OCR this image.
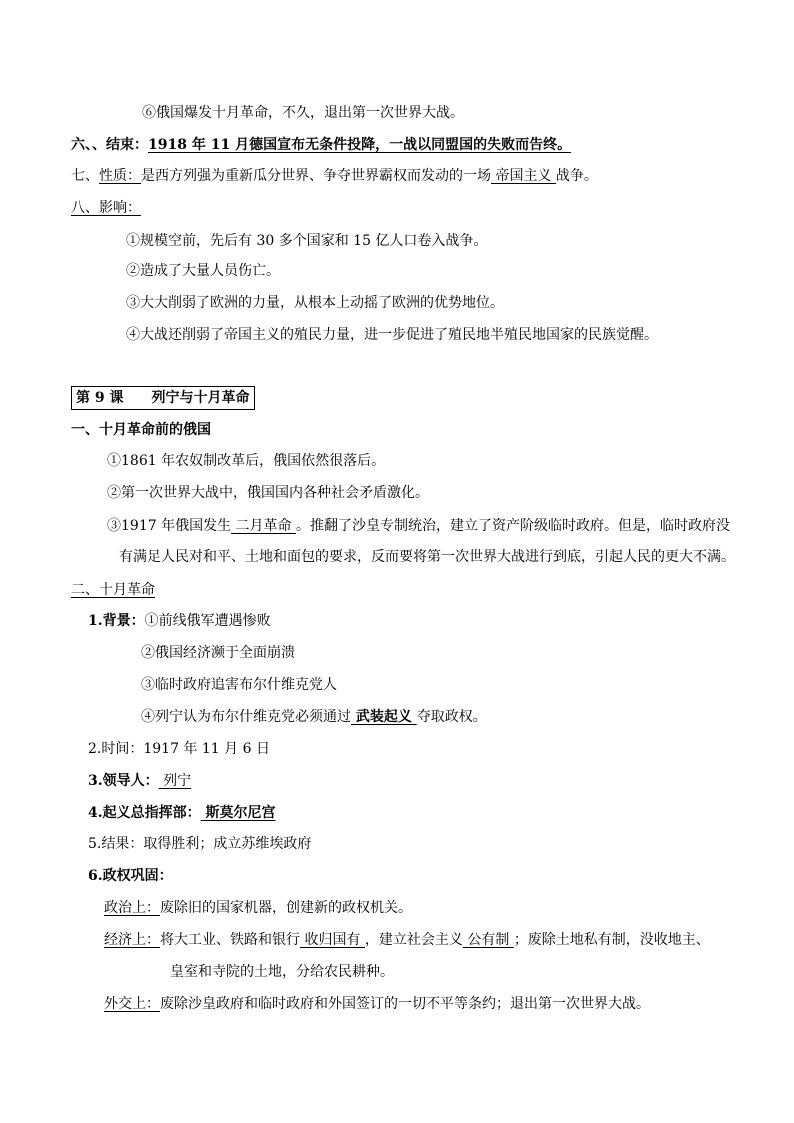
⑥俄国爆发十月革命，不久，退出第一次世界大战。
六、、结束：1918 年 11 月德国宣布无条件投降，一战以同盟国的失败而告终。
七、性质：是西方列强为重新瓜分世界、争夺世界霸权而发动的一场 帝国主义 战争。
八、影响：
①规模空前，先后有 30 多个国家和 15 亿人口卷入战争。
②造成了大量人员伤亡。
③大大削弱了欧洲的力量，从根本上动摇了欧洲的优势地位。
④大战还削弱了帝国主义的殖民力量，进一步促进了殖民地半殖民地国家的民族觉醒。
第 9 课　　列宁与十月革命
一、十月革命前的俄国
①1861 年农奴制改革后，俄国依然很落后。
②第一次世界大战中，俄国国内各种社会矛盾激化。
③1917 年俄国发生 二月革命 。推翻了沙皇专制统治，建立了资产阶级临时政府。但是，临时政府没
有满足人民对和平、土地和面包的要求，反而要将第一次世界大战进行到底，引起人民的更大不满。
二、十月革命
1.背景：①前线俄军遭遇惨败
②俄国经济濒于全面崩溃
③临时政府追害布尔什维克党人
④列宁认为布尔什维克党必须通过 武装起义 夺取政权。
2.时间：1917 年 11 月 6 日
3.领导人： 列宁
4.起义总指挥部： 斯莫尔尼宫
5.结果：取得胜利；成立苏维埃政府
6.政权巩固：
政治上：废除旧的国家机器，创建新的政权机关。
经济上：将大工业、铁路和银行 收归国有 ，建立社会主义 公有制 ；废除土地私有制，没收地主、
皇室和寺院的土地，分给农民耕种。
外交上：废除沙皇政府和临时政府和外国签订的一切不平等条约；退出第一次世界大战。
